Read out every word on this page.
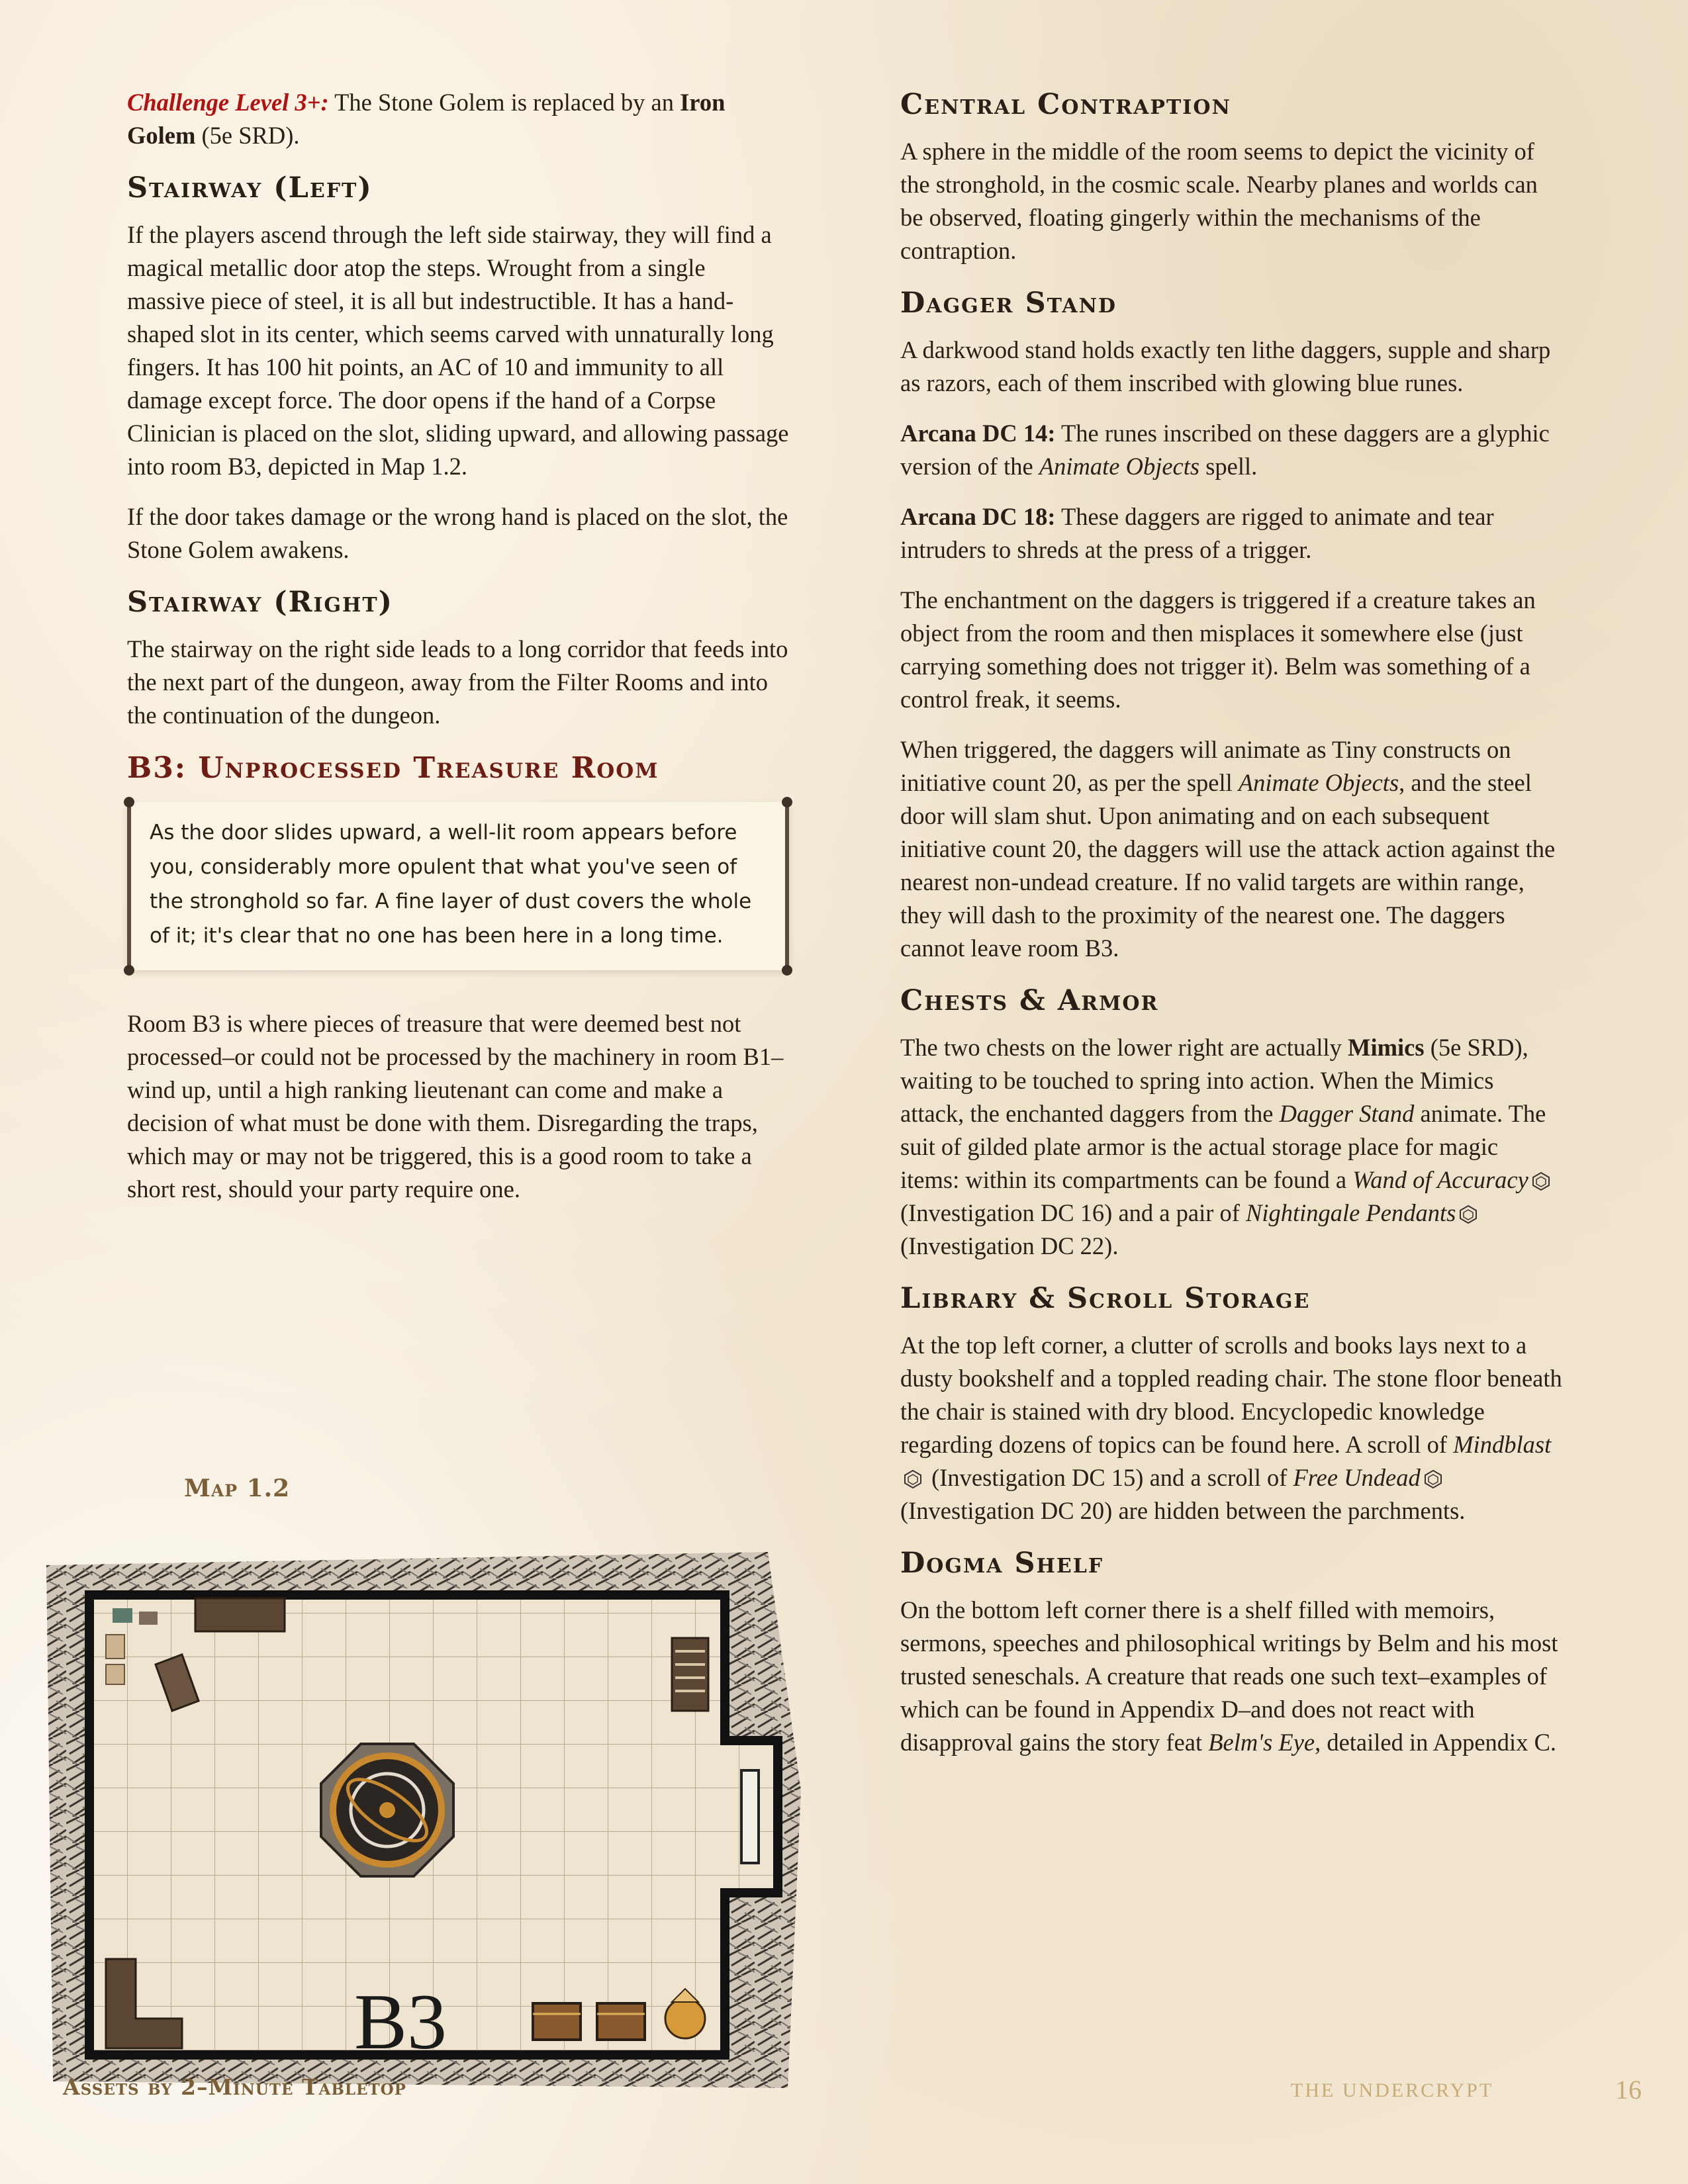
Challenge Level 3+: The Stone Golem is replaced by an Iron Golem (5e SRD).

Stairway (Left)

If the players ascend through the left side stairway, they will find a magical metallic door atop the steps. Wrought from a single massive piece of steel, it is all but indestructible. It has a hand-shaped slot in its center, which seems carved with unnaturally long fingers. It has 100 hit points, an AC of 10 and immunity to all damage except force. The door opens if the hand of a Corpse Clinician is placed on the slot, sliding upward, and allowing passage into room B3, depicted in Map 1.2.

If the door takes damage or the wrong hand is placed on the slot, the Stone Golem awakens.

Stairway (Right)

The stairway on the right side leads to a long corridor that feeds into the next part of the dungeon, away from the Filter Rooms and into the continuation of the dungeon.

B3: Unprocessed Treasure Room

As the door slides upward, a well-lit room appears before you, considerably more opulent that what you've seen of the stronghold so far. A fine layer of dust covers the whole of it; it's clear that no one has been here in a long time.

Room B3 is where pieces of treasure that were deemed best not processed–or could not be processed by the machinery in room B1–wind up, until a high ranking lieutenant can come and make a decision of what must be done with them. Disregarding the traps, which may or may not be triggered, this is a good room to take a short rest, should your party require one.

Map 1.2
B3
Central Contraption

A sphere in the middle of the room seems to depict the vicinity of the stronghold, in the cosmic scale. Nearby planes and worlds can be observed, floating gingerly within the mechanisms of the contraption.

Dagger Stand

A darkwood stand holds exactly ten lithe daggers, supple and sharp as razors, each of them inscribed with glowing blue runes.

Arcana DC 14: The runes inscribed on these daggers are a glyphic version of the Animate Objects spell.

Arcana DC 18: These daggers are rigged to animate and tear intruders to shreds at the press of a trigger.

The enchantment on the daggers is triggered if a creature takes an object from the room and then misplaces it somewhere else (just carrying something does not trigger it). Belm was something of a control freak, it seems.

When triggered, the daggers will animate as Tiny constructs on initiative count 20, as per the spell Animate Objects, and the steel door will slam shut. Upon animating and on each subsequent initiative count 20, the daggers will use the attack action against the nearest non-undead creature. If no valid targets are within range, they will dash to the proximity of the nearest one. The daggers cannot leave room B3.

Chests & Armor

The two chests on the lower right are actually Mimics (5e SRD), waiting to be touched to spring into action. When the Mimics attack, the enchanted daggers from the Dagger Stand animate. The suit of gilded plate armor is the actual storage place for magic items: within its compartments can be found a Wand of Accuracy (Investigation DC 16) and a pair of Nightingale Pendants (Investigation DC 22).

Library & Scroll Storage

At the top left corner, a clutter of scrolls and books lays next to a dusty bookshelf and a toppled reading chair. The stone floor beneath the chair is stained with dry blood. Encyclopedic knowledge regarding dozens of topics can be found here. A scroll of Mindblast (Investigation DC 15) and a scroll of Free Undead (Investigation DC 20) are hidden between the parchments.

Dogma Shelf

On the bottom left corner there is a shelf filled with memoirs, sermons, speeches and philosophical writings by Belm and his most trusted seneschals. A creature that reads one such text–examples of which can be found in Appendix D–and does not react with disapproval gains the story feat Belm's Eye, detailed in Appendix C.

Assets by 2–Minute Tabletop	THE UNDERCRYPT	16
